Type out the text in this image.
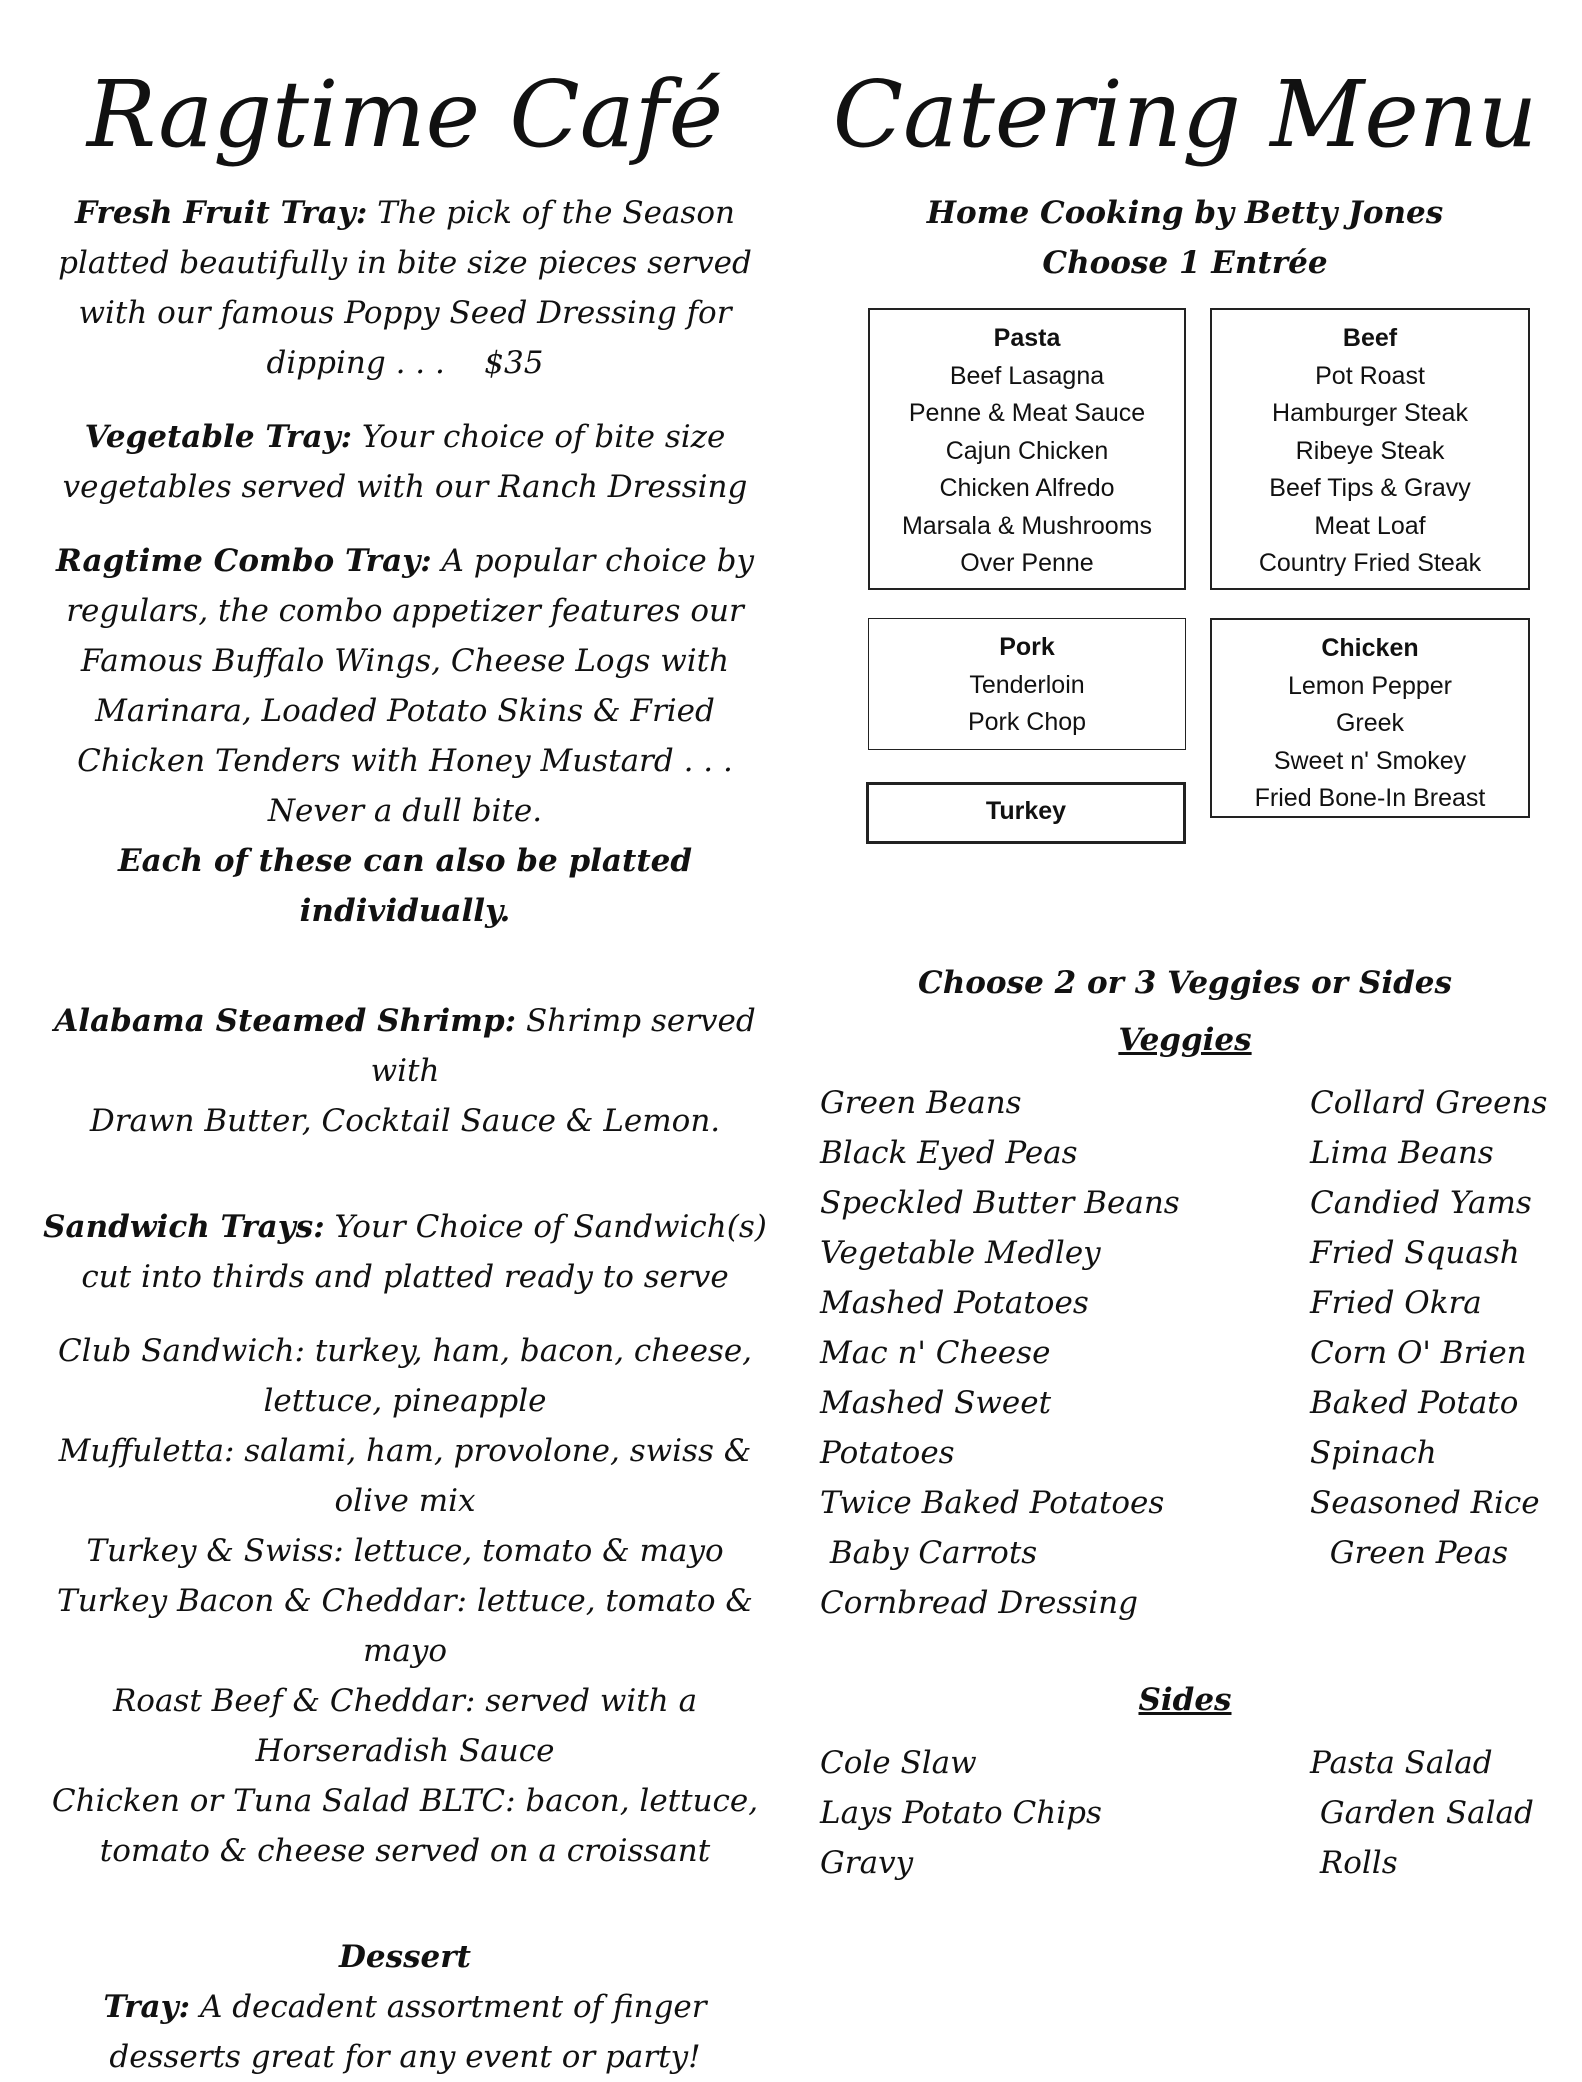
Ragtime Café

Fresh Fruit Tray: The pick of the Season

platted beautifully in bite size pieces served

with our famous Poppy Seed Dressing for

dipping . . .    $35

Vegetable Tray: Your choice of bite size

vegetables served with our Ranch Dressing

Ragtime Combo Tray: A popular choice by

regulars, the combo appetizer features our

Famous Buffalo Wings, Cheese Logs with

Marinara, Loaded Potato Skins & Fried

Chicken Tenders with Honey Mustard . . .

Never a dull bite.

Each of these can also be platted individually.

Alabama Steamed Shrimp: Shrimp served with

Drawn Butter, Cocktail Sauce & Lemon.

Sandwich Trays: Your Choice of Sandwich(s)

cut into thirds and platted ready to serve

Club Sandwich: turkey, ham, bacon, cheese,

lettuce, pineapple

Muffuletta: salami, ham, provolone, swiss &

olive mix

Turkey & Swiss: lettuce, tomato & mayo

Turkey Bacon & Cheddar: lettuce, tomato &

mayo

Roast Beef & Cheddar: served with a

Horseradish Sauce

Chicken or Tuna Salad BLTC: bacon, lettuce,

tomato & cheese served on a croissant

Dessert

Tray: A decadent assortment of finger

desserts great for any event or party!

Catering Menu

Home Cooking by Betty Jones

Choose 1 Entrée

Pasta
Beef Lasagna
Penne & Meat Sauce
Cajun Chicken
Chicken Alfredo
Marsala & Mushrooms
Over Penne
Beef
Pot Roast
Hamburger Steak
Ribeye Steak
Beef Tips & Gravy
Meat Loaf
Country Fried Steak
Pork
Tenderloin
Pork Chop
Chicken
Lemon Pepper
Greek
Sweet n' Smokey
Fried Bone-In Breast
Turkey

Choose 2 or 3 Veggies or Sides

Veggies
Green Beans
Black Eyed Peas
Speckled Butter Beans
Vegetable Medley
Mashed Potatoes
Mac n' Cheese
Mashed Sweet Potatoes
Twice Baked Potatoes
Baby Carrots
Cornbread Dressing
Collard Greens
Lima Beans
Candied Yams
Fried Squash
Fried Okra
Corn O' Brien
Baked Potato
Spinach
Seasoned Rice
Green Peas
Sides
Cole Slaw
Lays Potato Chips
Gravy
Pasta Salad
Garden Salad
Rolls
